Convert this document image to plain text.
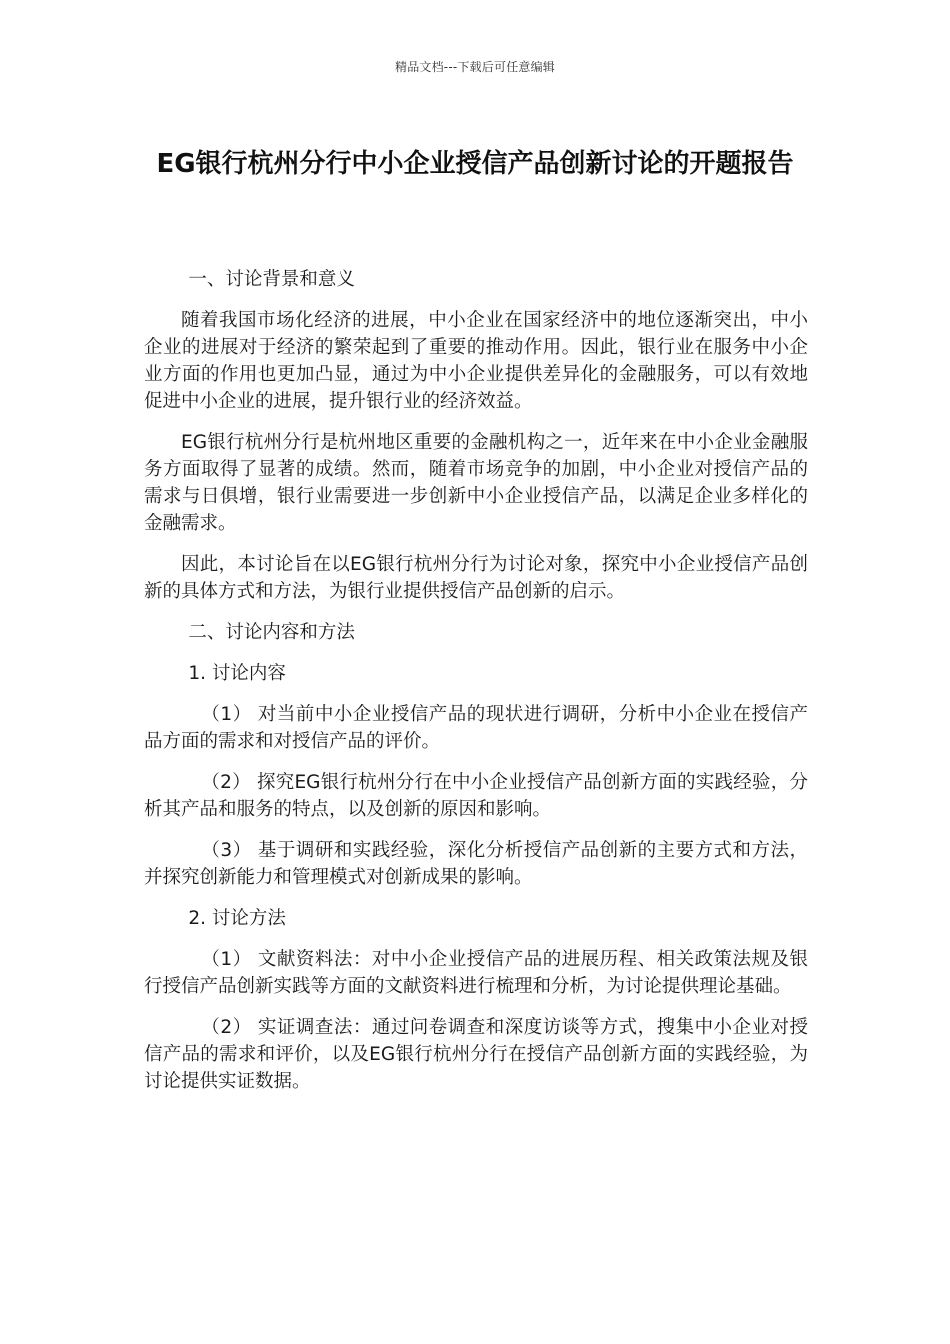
精品文档---下载后可任意编辑
EG银行杭州分行中小企业授信产品创新讨论的开题报告

一、讨论背景和意义

随着我国市场化经济的进展，中小企业在国家经济中的地位逐渐突出，中小企业的进展对于经济的繁荣起到了重要的推动作用。因此，银行业在服务中小企业方面的作用也更加凸显，通过为中小企业提供差异化的金融服务，可以有效地促进中小企业的进展，提升银行业的经济效益。

EG银行杭州分行是杭州地区重要的金融机构之一，近年来在中小企业金融服务方面取得了显著的成绩。然而，随着市场竞争的加剧，中小企业对授信产品的需求与日俱增，银行业需要进一步创新中小企业授信产品，以满足企业多样化的金融需求。

因此，本讨论旨在以EG银行杭州分行为讨论对象，探究中小企业授信产品创新的具体方式和方法，为银行业提供授信产品创新的启示。

二、讨论内容和方法

1. 讨论内容

（1） 对当前中小企业授信产品的现状进行调研，分析中小企业在授信产品方面的需求和对授信产品的评价。

（2） 探究EG银行杭州分行在中小企业授信产品创新方面的实践经验，分析其产品和服务的特点，以及创新的原因和影响。

（3） 基于调研和实践经验，深化分析授信产品创新的主要方式和方法，并探究创新能力和管理模式对创新成果的影响。

2. 讨论方法

（1） 文献资料法：对中小企业授信产品的进展历程、相关政策法规及银行授信产品创新实践等方面的文献资料进行梳理和分析，为讨论提供理论基础。

（2） 实证调查法：通过问卷调查和深度访谈等方式，搜集中小企业对授信产品的需求和评价，以及EG银行杭州分行在授信产品创新方面的实践经验，为讨论提供实证数据。
